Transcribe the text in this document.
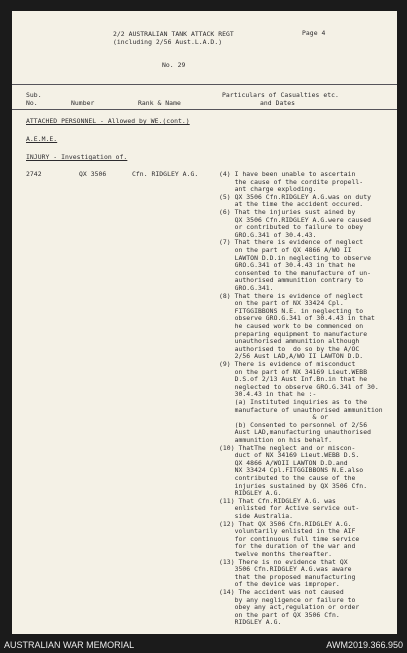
2/2 AUSTRALIAN TANK ATTACK REGT
(including 2/56 Aust.L.A.D.)
Page 4
No. 29
Sub.
No.	Number	Rank & Name
Particulars of Casualties etc.
and Dates
ATTACHED PERSONNEL - Allowed by WE.(cont.)
A.E.M.E.
INJURY - Investigation of.
2742	QX 3506	Cfn. RIDGLEY A.G.	(4) I have been unable to ascertain
the cause of the cordite propell-
ant charge exploding.
(5) QX 3506 Cfn.RIDGLEY A.G.was on duty
at the time the accident occured.
(6) That the injuries sust ained by
QX 3506 Cfn.RIDGLEY A.G.were caused
or contributed to failure to obey
GRO.G.341 of 30.4.43.
(7) That there is evidence of neglect
on the part of QX 4866 A/WO II
LAWTON D.D.in neglecting to observe
GRO.G.341 of 30.4.43 in that he
consented to the manufacture of un-
authorised ammunition contrary to
GRO.G.341.
(8) That there is evidence of neglect
on the part of NX 33424 Cpl.
FITGGIBBONS N.E. in neglecting to
observe GRO.G.341 of 30.4.43 in that
he caused work to be commenced on
preparing equipment to manufacture
unauthorised ammunition although
authorised to  do so by the A/OC
2/56 Aust LAD,A/WO II LAWTON D.D.
(9) There is evidence of misconduct
on the part of NX 34169 Lieut.WEBB
D.S.of 2/13 Aust Inf.Bn.in that he
neglected to observe GRO.G.341 of 30.
30.4.43 in that he :-
(a) Instituted inquiries as to the
manufacture of unauthorised ammunition
& or
(b) Consented to personnel of 2/56
Aust LAD,manufacturing unauthorised
ammunition on his behalf.
(10) ThatThe neglect and or miscon-
duct of NX 34169 Lieut.WEBB D.S.
QX 4866 A/WOII LAWTON D.D.and
NX 33424 Cpl.FITGGIBBONS N.E.also
contributed to the cause of the
injuries sustained by QX 3506 Cfn.
RIDGLEY A.G.
(11) That Cfn.RIDGLEY A.G. was
enlisted for Active service out-
side Australia.
(12) That QX 3506 Cfn.RIDGLEY A.G.
voluntarily enlisted in the AIF
for continuous full time service
for the duration of the war and
twelve months thereafter.
(13) There is no evidence that QX
3506 Cfn.RIDGLEY A.G.was aware
that the proposed manufacturing
of the device was improper.
(14) The accident was not caused
by any negligence or failure to
obey any act,regulation or order
on the part of QX 3506 Cfn.
RIDGLEY A.G.
AUSTRALIAN WAR MEMORIAL	AWM2019.366.950
